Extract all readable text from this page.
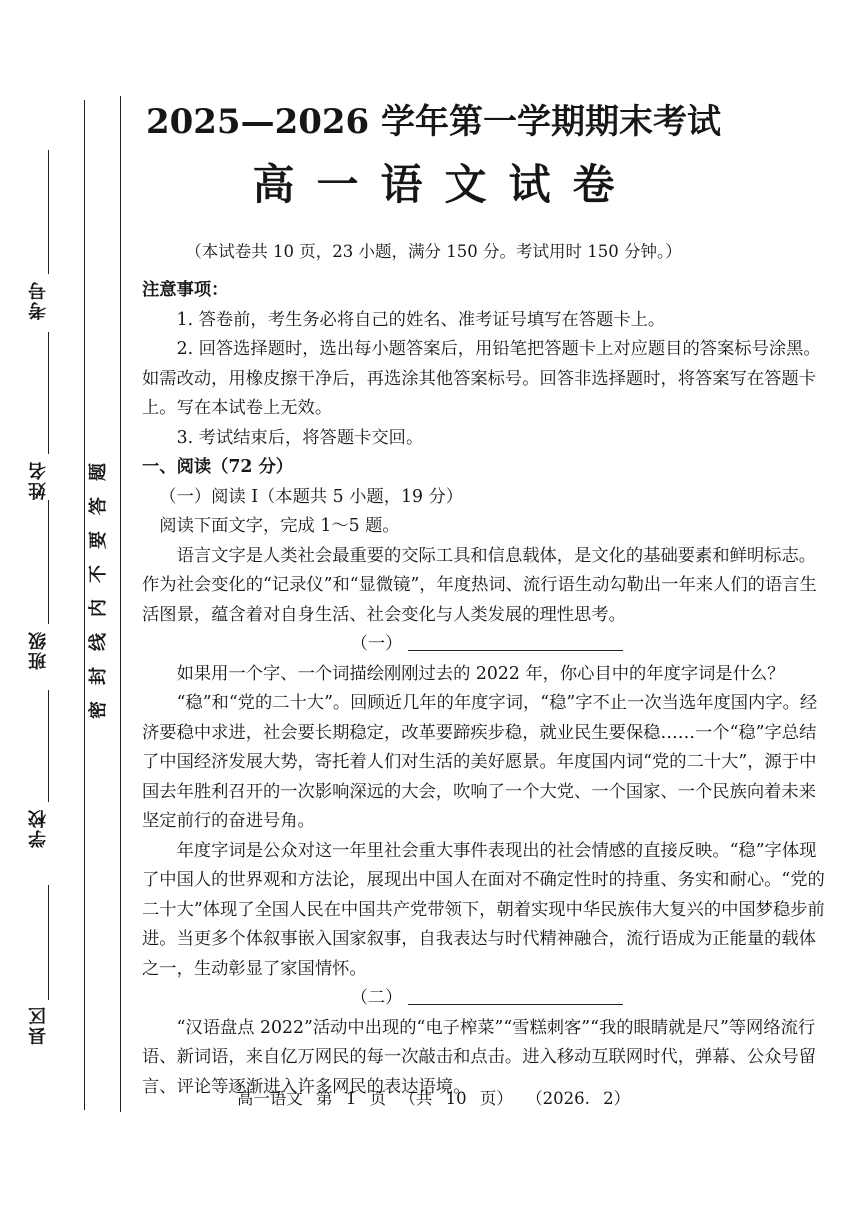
县区
学校
班级
姓名
考号
题
答
要
不
内
线
封
密
2025—2026 学年第一学期期末考试
高一语文试卷
（本试卷共 10 页，23 小题，满分 150 分。考试用时 150 分钟。）

注意事项：

1. 答卷前，考生务必将自己的姓名、准考证号填写在答题卡上。

2. 回答选择题时，选出每小题答案后，用铅笔把答题卡上对应题目的答案标号涂黑。如需改动，用橡皮擦干净后，再选涂其他答案标号。回答非选择题时，将答案写在答题卡上。写在本试卷上无效。

3. 考试结束后，将答题卡交回。

一、阅读（72 分）

（一）阅读 Ⅰ（本题共 5 小题，19 分）

阅读下面文字，完成 1～5 题。

语言文字是人类社会最重要的交际工具和信息载体，是文化的基础要素和鲜明标志。作为社会变化的“记录仪”和“显微镜”，年度热词、流行语生动勾勒出一年来人们的语言生活图景，蕴含着对自身生活、社会变化与人类发展的理性思考。

（一）

如果用一个字、一个词描绘刚刚过去的 2022 年，你心目中的年度字词是什么？

“稳”和“党的二十大”。回顾近几年的年度字词，“稳”字不止一次当选年度国内字。经济要稳中求进，社会要长期稳定，改革要蹄疾步稳，就业民生要保稳……一个“稳”字总结了中国经济发展大势，寄托着人们对生活的美好愿景。年度国内词“党的二十大”，源于中国去年胜利召开的一次影响深远的大会，吹响了一个大党、一个国家、一个民族向着未来坚定前行的奋进号角。

年度字词是公众对这一年里社会重大事件表现出的社会情感的直接反映。“稳”字体现了中国人的世界观和方法论，展现出中国人在面对不确定性时的持重、务实和耐心。“党的二十大”体现了全国人民在中国共产党带领下，朝着实现中华民族伟大复兴的中国梦稳步前进。当更多个体叙事嵌入国家叙事，自我表达与时代精神融合，流行语成为正能量的载体之一，生动彰显了家国情怀。

（二）

“汉语盘点 2022”活动中出现的“电子榨菜”“雪糕刺客”“我的眼睛就是尺”等网络流行语、新词语，来自亿万网民的每一次敲击和点击。进入移动互联网时代，弹幕、公众号留言、评论等逐渐进入许多网民的表达语境。

高一语文 第 1 页 （共 10 页） （2026. 2）
